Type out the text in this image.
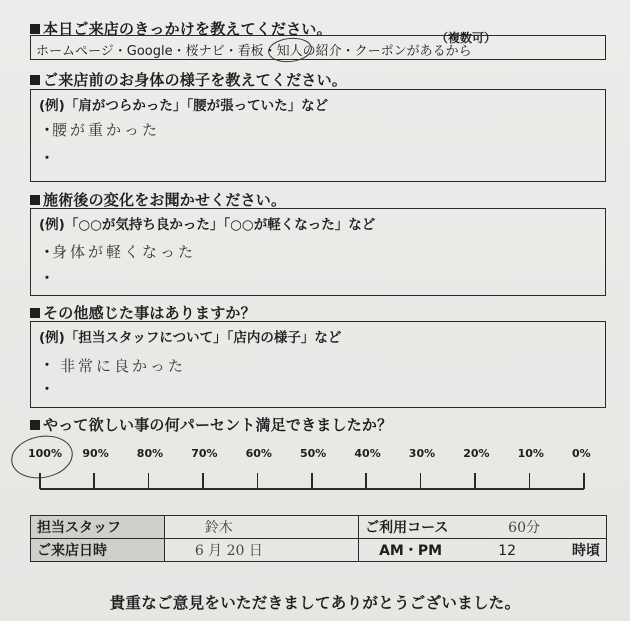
本日ご来店のきっかけを教えてください。	（複数可）
ホームページ・Google・桜ナビ・看板・知人の紹介・クーポンがあるから
ご来店前のお身体の様子を教えてください。
(例)「肩がつらかった」「腰が張っていた」など
・
・
腰が重かった
施術後の変化をお聞かせください。
(例)「○○が気持ち良かった」「○○が軽くなった」など
・
・
身体が軽くなった
その他感じた事はありますか？
(例)「担当スタッフについて」「店内の様子」など
・
・
非常に良かった
やって欲しい事の何パーセント満足できましたか？
100% 90%	80%	70%	60%	50%	40%	30%	20%	10%	0%
担当スタッフ	鈴木	ご利用コース	60分
ご来店日時	6 月 20 日	AM・PM	12 時頃
貴重なご意見をいただきましてありがとうございました。
